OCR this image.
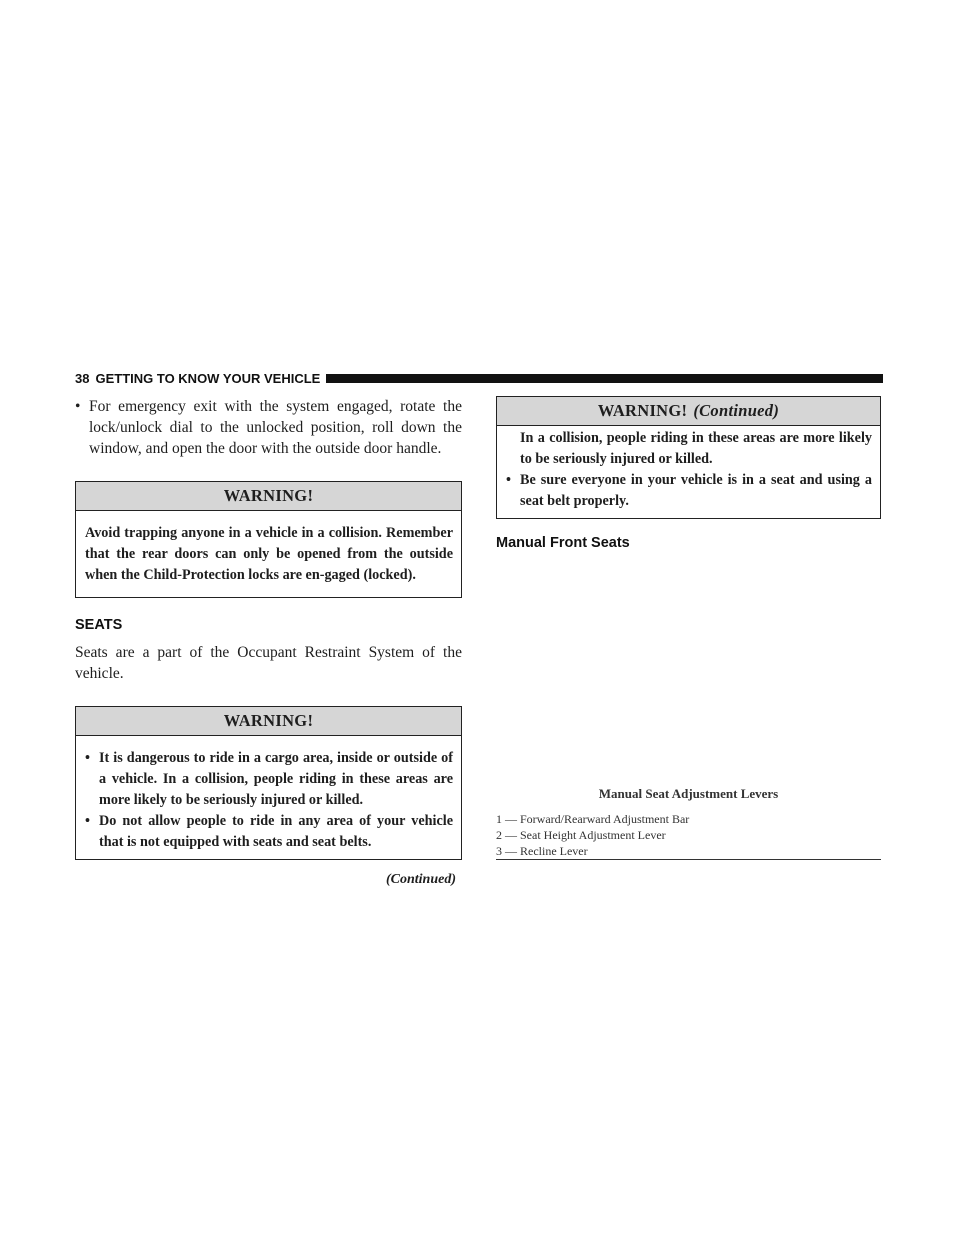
38 GETTING TO KNOW YOUR VEHICLE
• For emergency exit with the system engaged, rotate the lock/unlock dial to the unlocked position, roll down the window, and open the door with the outside door handle.
WARNING!
Avoid trapping anyone in a vehicle in a collision. Remember that the rear doors can only be opened from the outside when the Child-Protection locks are en-gaged (locked).
SEATS
Seats are a part of the Occupant Restraint System of the vehicle.
WARNING!
• It is dangerous to ride in a cargo area, inside or outside of a vehicle. In a collision, people riding in these areas are more likely to be seriously injured or killed.
• Do not allow people to ride in any area of your vehicle that is not equipped with seats and seat belts.
(Continued)
WARNING! (Continued)
In a collision, people riding in these areas are more likely to be seriously injured or killed.
• Be sure everyone in your vehicle is in a seat and using a seat belt properly.
Manual Front Seats
Manual Seat Adjustment Levers
1 — Forward/Rearward Adjustment Bar
2 — Seat Height Adjustment Lever
3 — Recline Lever
